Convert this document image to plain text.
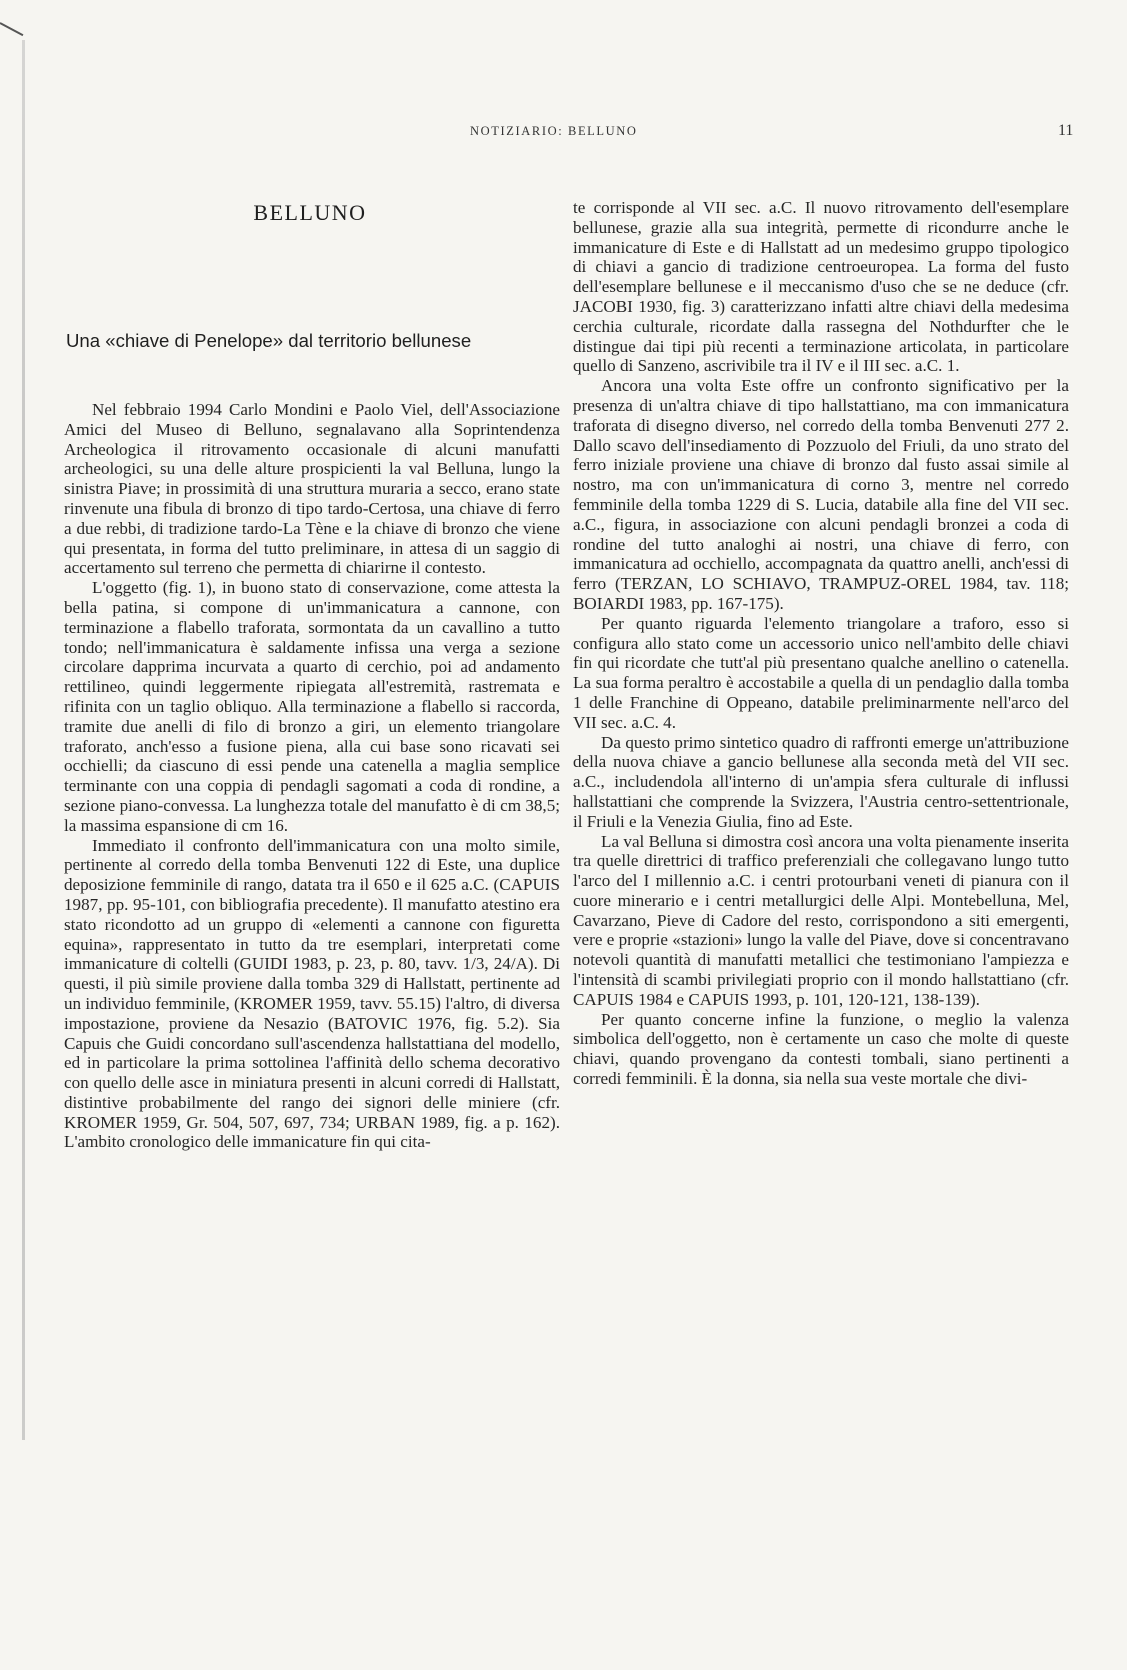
NOTIZIARIO: BELLUNO	11
BELLUNO
Una «chiave di Penelope» dal territorio bellunese

Nel febbraio 1994 Carlo Mondini e Paolo Viel, dell'Associazione Amici del Museo di Belluno, segnalavano alla Soprintendenza Archeologica il ritrovamento occasionale di alcuni manufatti archeologici, su una delle alture prospicienti la val Belluna, lungo la sinistra Piave; in prossimità di una struttura muraria a secco, erano state rinvenute una fibula di bronzo di tipo tardo-Certosa, una chiave di ferro a due rebbi, di tradizione tardo-La Tène e la chiave di bronzo che viene qui presentata, in forma del tutto preliminare, in attesa di un saggio di accertamento sul terreno che permetta di chiarirne il contesto.

L'oggetto (fig. 1), in buono stato di conservazione, come attesta la bella patina, si compone di un'immanicatura a cannone, con terminazione a flabello traforata, sormontata da un cavallino a tutto tondo; nell'immanicatura è saldamente infissa una verga a sezione circolare dapprima incurvata a quarto di cerchio, poi ad andamento rettilineo, quindi leggermente ripiegata all'estremità, rastremata e rifinita con un taglio obliquo. Alla terminazione a flabello si raccorda, tramite due anelli di filo di bronzo a giri, un elemento triangolare traforato, anch'esso a fusione piena, alla cui base sono ricavati sei occhielli; da ciascuno di essi pende una catenella a maglia semplice terminante con una coppia di pendagli sagomati a coda di rondine, a sezione piano-convessa. La lunghezza totale del manufatto è di cm 38,5; la massima espansione di cm 16.

Immediato il confronto dell'immanicatura con una molto simile, pertinente al corredo della tomba Benvenuti 122 di Este, una duplice deposizione femminile di rango, datata tra il 650 e il 625 a.C. (CAPUIS 1987, pp. 95-101, con bibliografia precedente). Il manufatto atestino era stato ricondotto ad un gruppo di «elementi a cannone con figuretta equina», rappresentato in tutto da tre esemplari, interpretati come immanicature di coltelli (GUIDI 1983, p. 23, p. 80, tavv. 1/3, 24/A). Di questi, il più simile proviene dalla tomba 329 di Hallstatt, pertinente ad un individuo femminile, (KROMER 1959, tavv. 55.15) l'altro, di diversa impostazione, proviene da Nesazio (BATOVIC 1976, fig. 5.2). Sia Capuis che Guidi concordano sull'ascendenza hallstattiana del modello, ed in particolare la prima sottolinea l'affinità dello schema decorativo con quello delle asce in miniatura presenti in alcuni corredi di Hallstatt, distintive probabilmente del rango dei signori delle miniere (cfr. KROMER 1959, Gr. 504, 507, 697, 734; URBAN 1989, fig. a p. 162). L'ambito cronologico delle immanicature fin qui cita-

te corrisponde al VII sec. a.C. Il nuovo ritrovamento dell'esemplare bellunese, grazie alla sua integrità, permette di ricondurre anche le immanicature di Este e di Hallstatt ad un medesimo gruppo tipologico di chiavi a gancio di tradizione centroeuropea. La forma del fusto dell'esemplare bellunese e il meccanismo d'uso che se ne deduce (cfr. JACOBI 1930, fig. 3) caratterizzano infatti altre chiavi della medesima cerchia culturale, ricordate dalla rassegna del Nothdurfter che le distingue dai tipi più recenti a terminazione articolata, in particolare quello di Sanzeno, ascrivibile tra il IV e il III sec. a.C. 1.

Ancora una volta Este offre un confronto significativo per la presenza di un'altra chiave di tipo hallstattiano, ma con immanicatura traforata di disegno diverso, nel corredo della tomba Benvenuti 277 2. Dallo scavo dell'insediamento di Pozzuolo del Friuli, da uno strato del ferro iniziale proviene una chiave di bronzo dal fusto assai simile al nostro, ma con un'immanicatura di corno 3, mentre nel corredo femminile della tomba 1229 di S. Lucia, databile alla fine del VII sec. a.C., figura, in associazione con alcuni pendagli bronzei a coda di rondine del tutto analoghi ai nostri, una chiave di ferro, con immanicatura ad occhiello, accompagnata da quattro anelli, anch'essi di ferro (TERZAN, LO SCHIAVO, TRAMPUZ-OREL 1984, tav. 118; BOIARDI 1983, pp. 167-175).

Per quanto riguarda l'elemento triangolare a traforo, esso si configura allo stato come un accessorio unico nell'ambito delle chiavi fin qui ricordate che tutt'al più presentano qualche anellino o catenella. La sua forma peraltro è accostabile a quella di un pendaglio dalla tomba 1 delle Franchine di Oppeano, databile preliminarmente nell'arco del VII sec. a.C. 4.

Da questo primo sintetico quadro di raffronti emerge un'attribuzione della nuova chiave a gancio bellunese alla seconda metà del VII sec. a.C., includendola all'interno di un'ampia sfera culturale di influssi hallstattiani che comprende la Svizzera, l'Austria centro-settentrionale, il Friuli e la Venezia Giulia, fino ad Este.

La val Belluna si dimostra così ancora una volta pienamente inserita tra quelle direttrici di traffico preferenziali che collegavano lungo tutto l'arco del I millennio a.C. i centri protourbani veneti di pianura con il cuore minerario e i centri metallurgici delle Alpi. Montebelluna, Mel, Cavarzano, Pieve di Cadore del resto, corrispondono a siti emergenti, vere e proprie «stazioni» lungo la valle del Piave, dove si concentravano notevoli quantità di manufatti metallici che testimoniano l'ampiezza e l'intensità di scambi privilegiati proprio con il mondo hallstattiano (cfr. CAPUIS 1984 e CAPUIS 1993, p. 101, 120-121, 138-139).

Per quanto concerne infine la funzione, o meglio la valenza simbolica dell'oggetto, non è certamente un caso che molte di queste chiavi, quando provengano da contesti tombali, siano pertinenti a corredi femminili. È la donna, sia nella sua veste mortale che divi-
